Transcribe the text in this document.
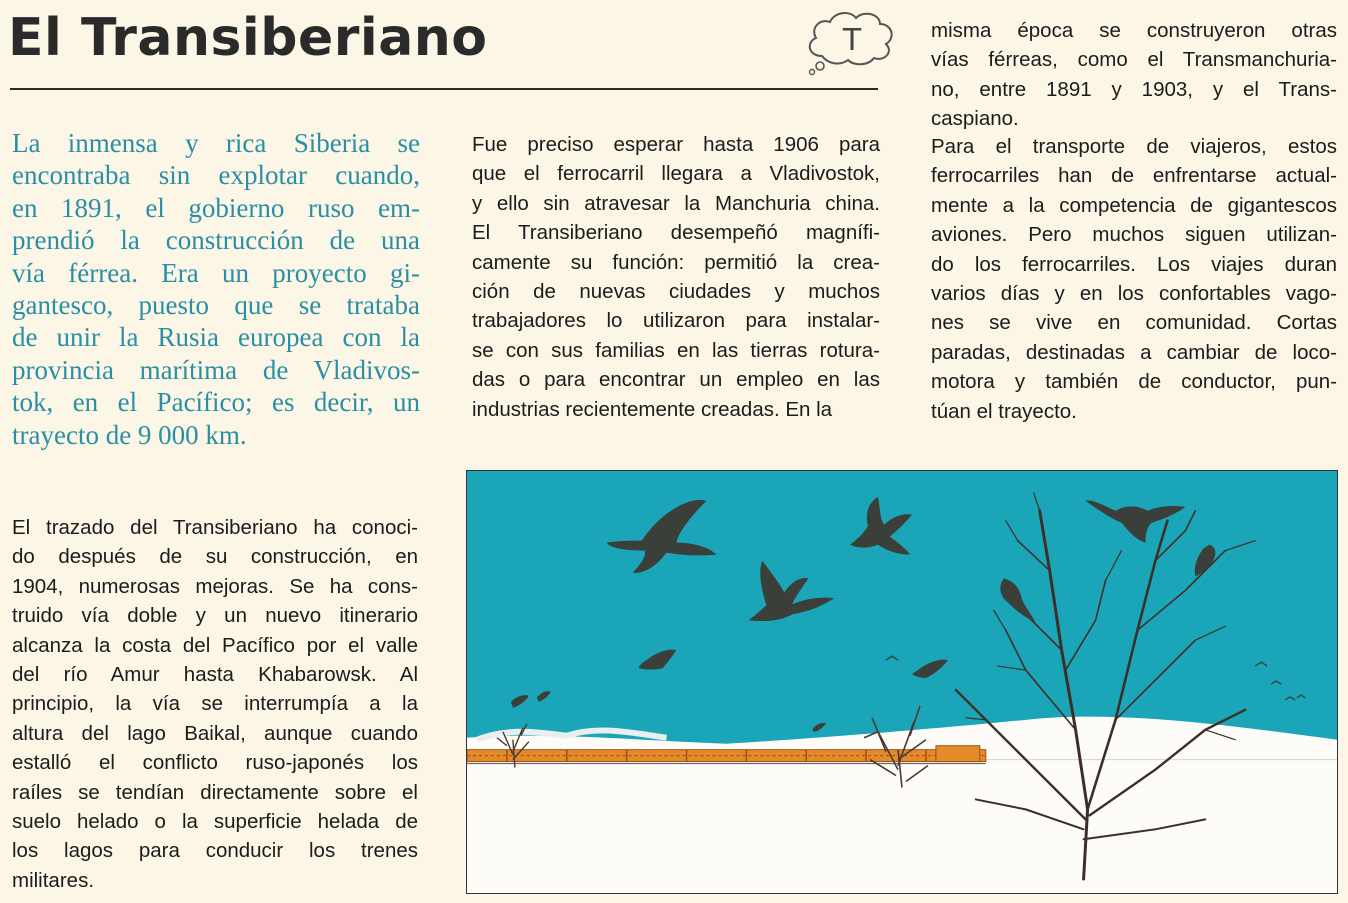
El Transiberiano	T
La inmensa y rica Siberia se
encontraba sin explotar cuando,
en 1891, el gobierno ruso em-
prendió la construcción de una
vía férrea. Era un proyecto gi-
gantesco, puesto que se trataba
de unir la Rusia europea con la
provincia marítima de Vladivos-
tok, en el Pacífico; es decir, un
trayecto de 9 000 km.
El trazado del Transiberiano ha conoci-
do después de su construcción, en
1904, numerosas mejoras. Se ha cons-
truido vía doble y un nuevo itinerario
alcanza la costa del Pacífico por el valle
del río Amur hasta Khabarowsk. Al
principio, la vía se interrumpía a la
altura del lago Baikal, aunque cuando
estalló el conflicto ruso-japonés los
raíles se tendían directamente sobre el
suelo helado o la superficie helada de
los lagos para conducir los trenes
militares.
Fue preciso esperar hasta 1906 para
que el ferrocarril llegara a Vladivostok,
y ello sin atravesar la Manchuria china.
El Transiberiano desempeñó magnífi-
camente su función: permitió la crea-
ción de nuevas ciudades y muchos
trabajadores lo utilizaron para instalar-
se con sus familias en las tierras rotura-
das o para encontrar un empleo en las
industrias recientemente creadas. En la
misma época se construyeron otras
vías férreas, como el Transmanchuria-
no, entre 1891 y 1903, y el Trans-
caspiano.
Para el transporte de viajeros, estos
ferrocarriles han de enfrentarse actual-
mente a la competencia de gigantescos
aviones. Pero muchos siguen utilizan-
do los ferrocarriles. Los viajes duran
varios días y en los confortables vago-
nes se vive en comunidad. Cortas
paradas, destinadas a cambiar de loco-
motora y también de conductor, pun-
túan el trayecto.
